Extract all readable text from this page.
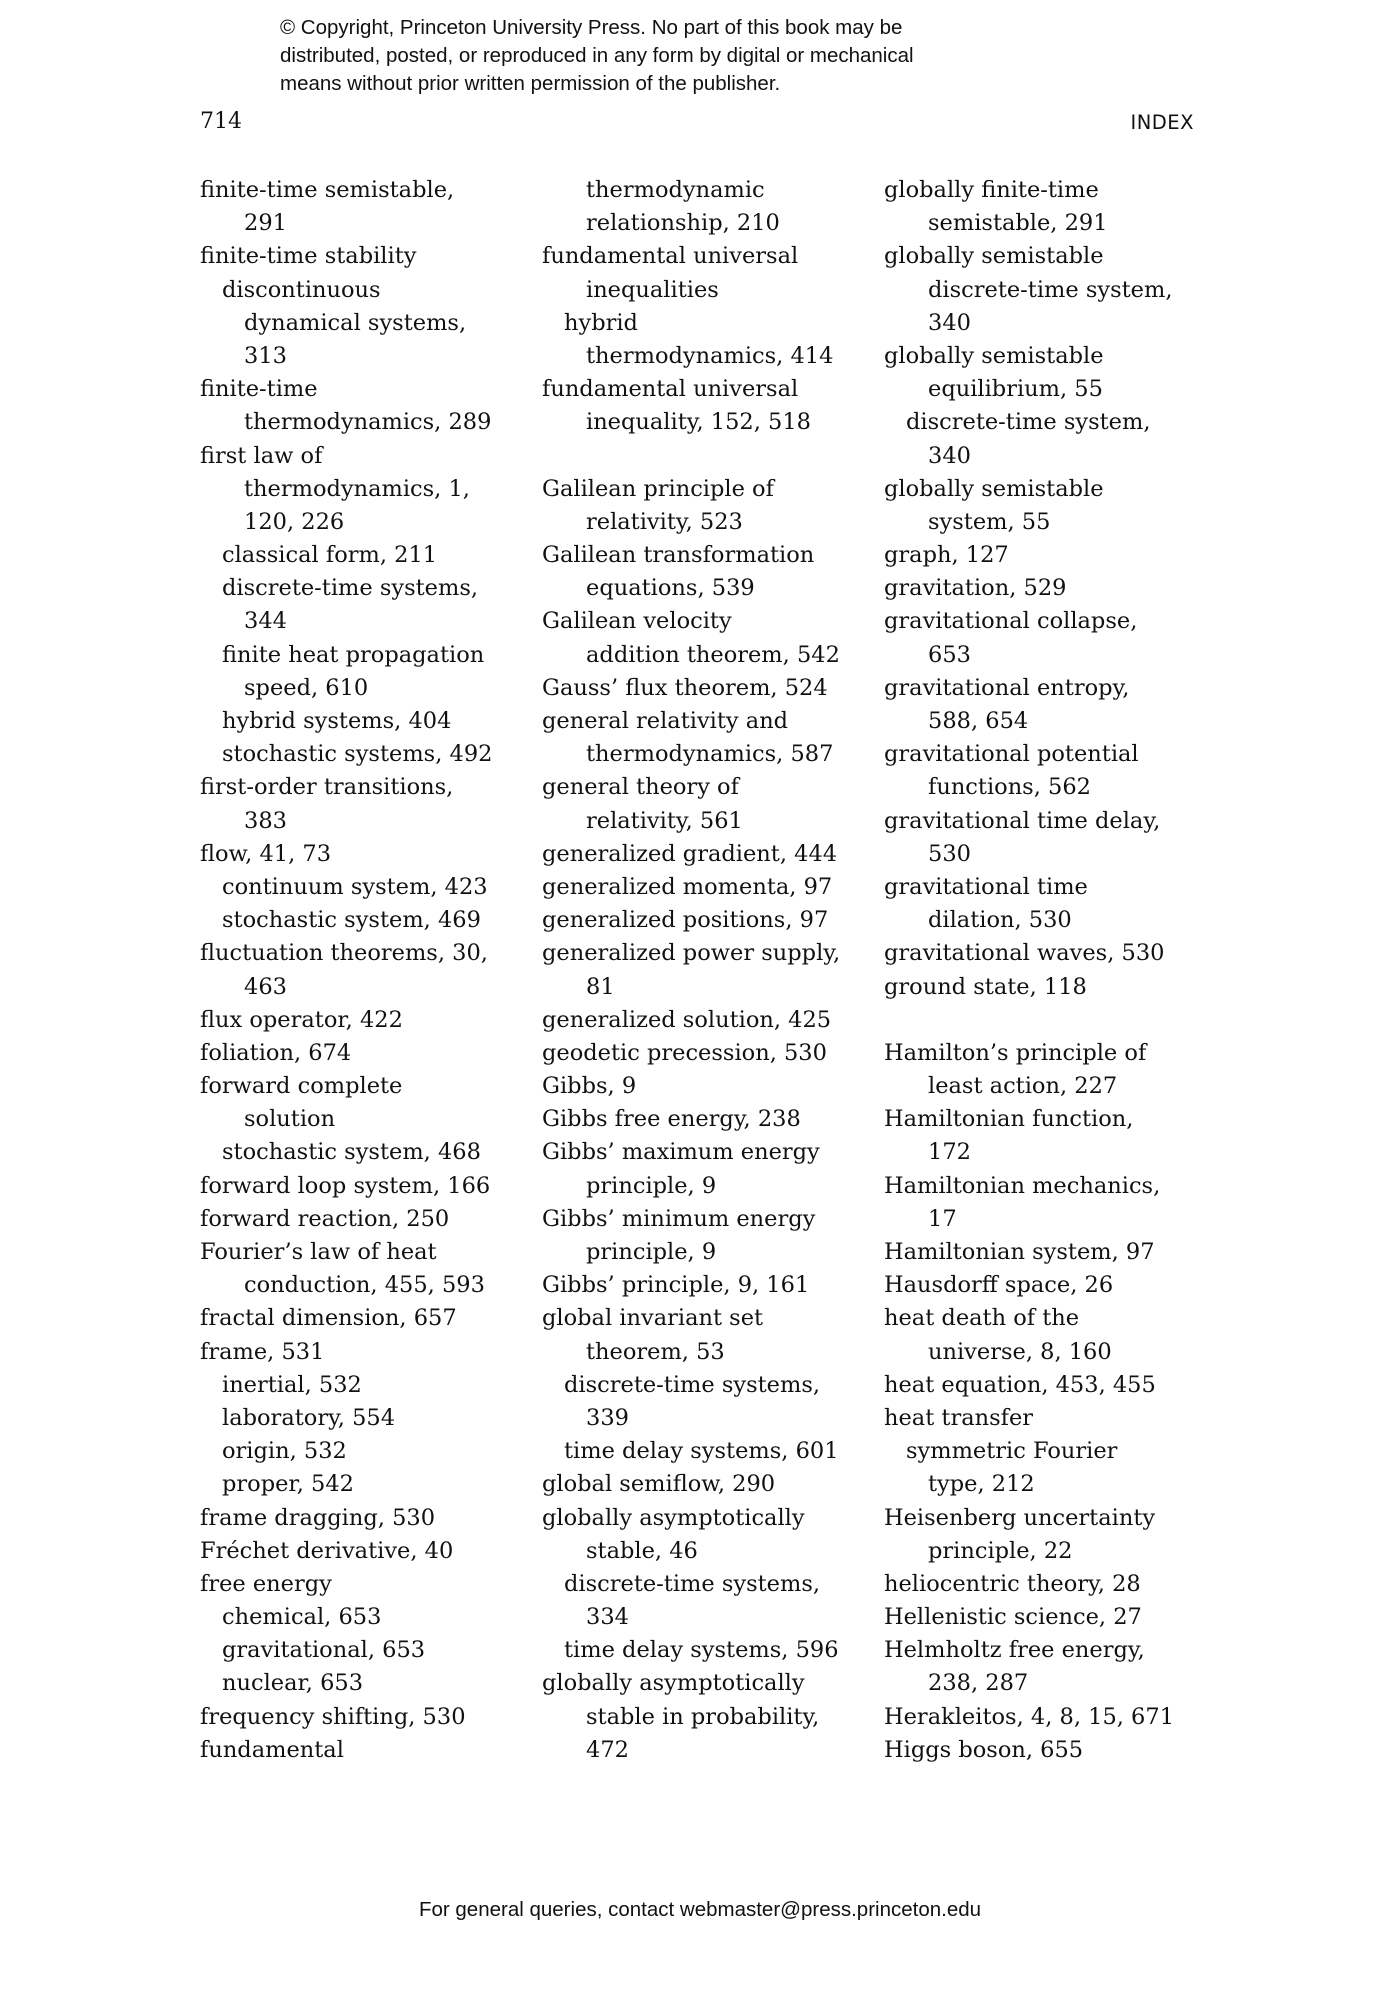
© Copyright, Princeton University Press. No part of this book may be
distributed, posted, or reproduced in any form by digital or mechanical
means without prior written permission of the publisher.
714	INDEX
finite-time semistable,
291
finite-time stability
discontinuous
dynamical systems,
313
finite-time
thermodynamics, 289
first law of
thermodynamics, 1,
120, 226
classical form, 211
discrete-time systems,
344
finite heat propagation
speed, 610
hybrid systems, 404
stochastic systems, 492
first-order transitions,
383
flow, 41, 73
continuum system, 423
stochastic system, 469
fluctuation theorems, 30,
463
flux operator, 422
foliation, 674
forward complete
solution
stochastic system, 468
forward loop system, 166
forward reaction, 250
Fourier’s law of heat
conduction, 455, 593
fractal dimension, 657
frame, 531
inertial, 532
laboratory, 554
origin, 532
proper, 542
frame dragging, 530
Fréchet derivative, 40
free energy
chemical, 653
gravitational, 653
nuclear, 653
frequency shifting, 530
fundamental
thermodynamic
relationship, 210
fundamental universal
inequalities
hybrid
thermodynamics, 414
fundamental universal
inequality, 152, 518
Galilean principle of
relativity, 523
Galilean transformation
equations, 539
Galilean velocity
addition theorem, 542
Gauss’ flux theorem, 524
general relativity and
thermodynamics, 587
general theory of
relativity, 561
generalized gradient, 444
generalized momenta, 97
generalized positions, 97
generalized power supply,
81
generalized solution, 425
geodetic precession, 530
Gibbs, 9
Gibbs free energy, 238
Gibbs’ maximum energy
principle, 9
Gibbs’ minimum energy
principle, 9
Gibbs’ principle, 9, 161
global invariant set
theorem, 53
discrete-time systems,
339
time delay systems, 601
global semiflow, 290
globally asymptotically
stable, 46
discrete-time systems,
334
time delay systems, 596
globally asymptotically
stable in probability,
472
globally finite-time
semistable, 291
globally semistable
discrete-time system,
340
globally semistable
equilibrium, 55
discrete-time system,
340
globally semistable
system, 55
graph, 127
gravitation, 529
gravitational collapse,
653
gravitational entropy,
588, 654
gravitational potential
functions, 562
gravitational time delay,
530
gravitational time
dilation, 530
gravitational waves, 530
ground state, 118
Hamilton’s principle of
least action, 227
Hamiltonian function,
172
Hamiltonian mechanics,
17
Hamiltonian system, 97
Hausdorff space, 26
heat death of the
universe, 8, 160
heat equation, 453, 455
heat transfer
symmetric Fourier
type, 212
Heisenberg uncertainty
principle, 22
heliocentric theory, 28
Hellenistic science, 27
Helmholtz free energy,
238, 287
Herakleitos, 4, 8, 15, 671
Higgs boson, 655
For general queries, contact webmaster@press.princeton.edu
